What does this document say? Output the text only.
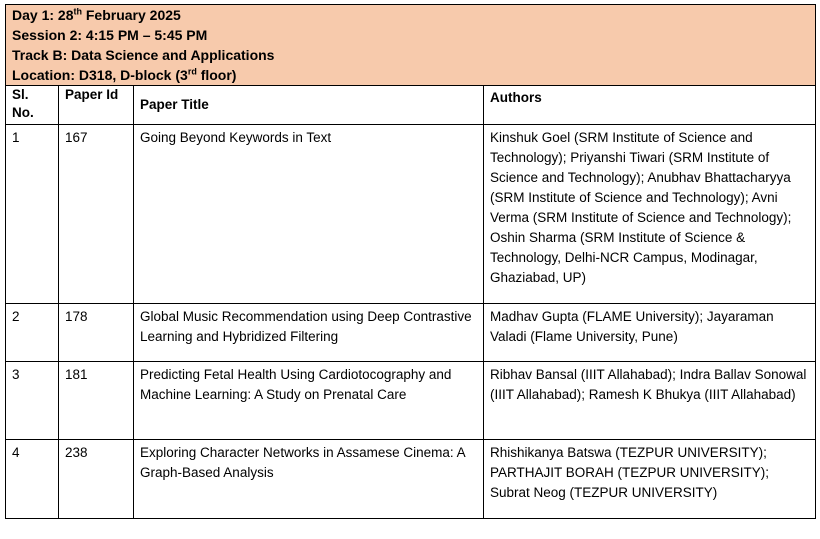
Day 1: 28th February 2025
Session 2: 4:15 PM – 5:45 PM
Track B: Data Science and Applications
Location: D318, D-block (3rd floor)			

Sl. No.	Paper Id	Paper Title	Authors
1	167	Going Beyond Keywords in Text	Kinshuk Goel (SRM Institute of Science and Technology); Priyanshi Tiwari (SRM Institute of Science and Technology); Anubhav Bhattacharyya (SRM Institute of Science and Technology); Avni Verma (SRM Institute of Science and Technology); Oshin Sharma (SRM Institute of Science & Technology, Delhi-NCR Campus, Modinagar, Ghaziabad, UP)
2	178	Global Music Recommendation using Deep Contrastive Learning and Hybridized Filtering	Madhav Gupta (FLAME University); Jayaraman Valadi (Flame University, Pune)
3	181	Predicting Fetal Health Using Cardiotocography and Machine Learning: A Study on Prenatal Care	Ribhav Bansal (IIIT Allahabad); Indra Ballav Sonowal (IIIT Allahabad); Ramesh K Bhukya (IIIT Allahabad)
4	238	Exploring Character Networks in Assamese Cinema: A Graph-Based Analysis	Rhishikanya Batswa (TEZPUR UNIVERSITY); PARTHAJIT BORAH (TEZPUR UNIVERSITY); Subrat Neog (TEZPUR UNIVERSITY)
